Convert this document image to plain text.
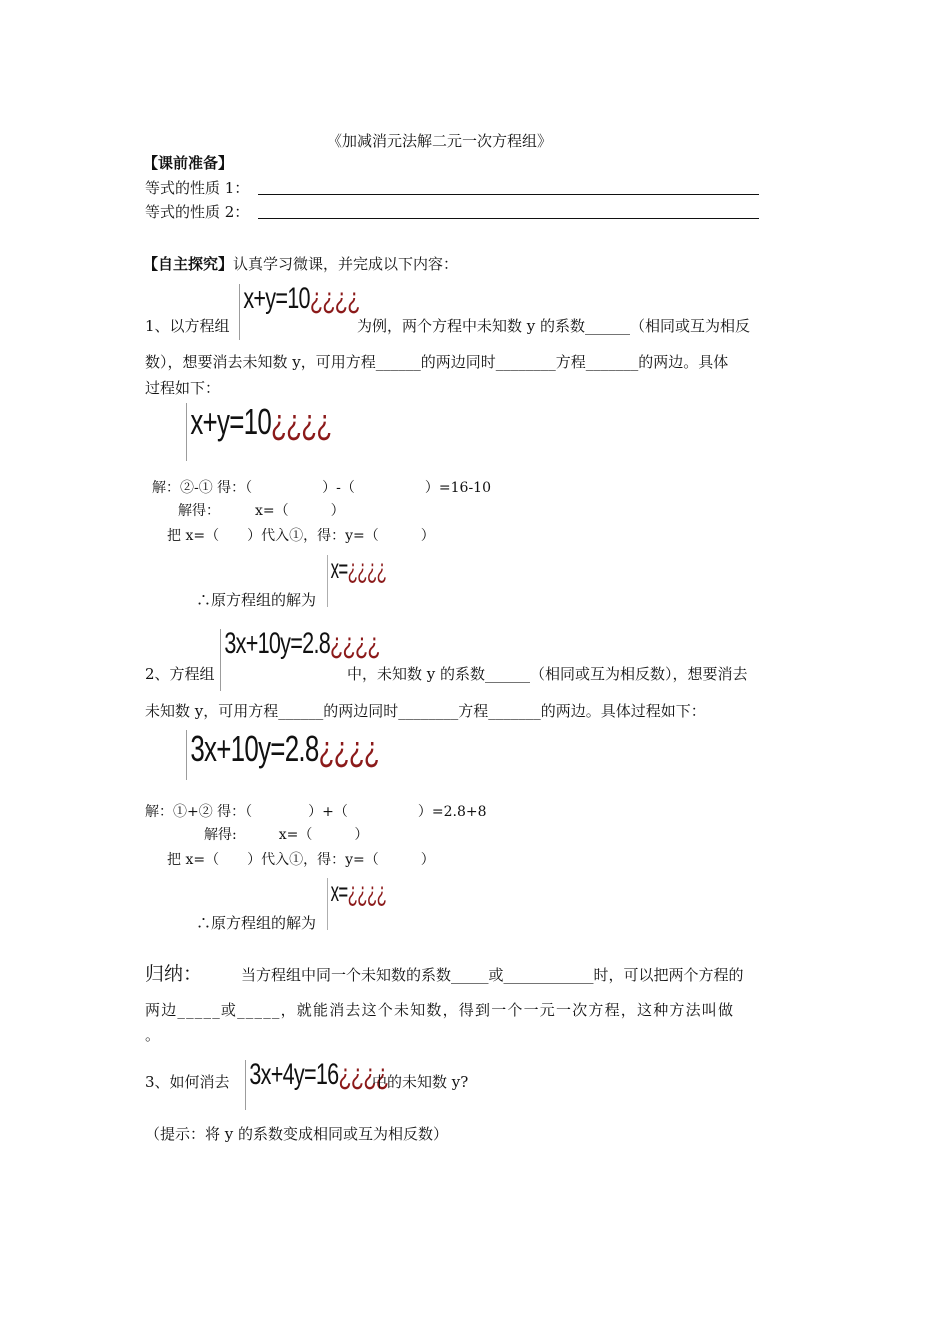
《加减消元法解二元一次方程组》
【课前准备】
等式的性质 1：
等式的性质 2：
【自主探究】认真学习微课，并完成以下内容：
x+y=10¿¿¿¿
1、以方程组	为例，两个方程中未知数 y 的系数______（相同或互为相反
数），想要消去未知数 y，可用方程______的两边同时________方程_______的两边。具体
过程如下：
x+y=10¿¿¿¿
解：②-① 得：（　　　　　）-（　　　　　）=16-10
解得：　　　x=（　　　）
把 x=（　　）代入①，得：y=（　　　）
x=¿¿¿¿
∴原方程组的解为
3x+10y=2.8¿¿¿¿
2、方程组	中，未知数 y 的系数______（相同或互为相反数），想要消去
未知数 y，可用方程______的两边同时________方程_______的两边。具体过程如下：
3x+10y=2.8¿¿¿¿
解：①+② 得：（　　　　）+（　　　　　）=2.8+8
解得:　　　x=（　　　）
把 x=（　　）代入①，得：y=（　　　）
x=¿¿¿¿
∴原方程组的解为
归纳：	当方程组中同一个未知数的系数_____或____________时，可以把两个方程的
两边_____或_____，就能消去这个未知数，得到一个一元一次方程，这种方法叫做
。
3、如何消去 3x+4y=16¿¿¿¿
中的未知数 y?
（提示：将 y 的系数变成相同或互为相反数）
